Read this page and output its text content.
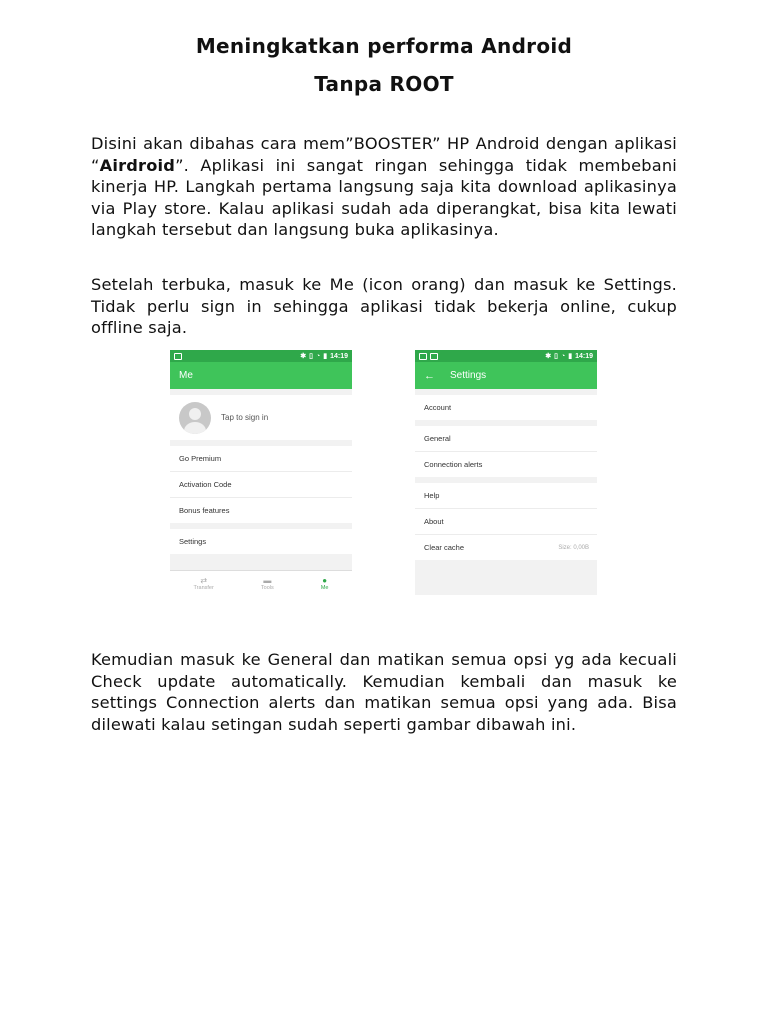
Meningkatkan performa Android
Tanpa ROOT

Disini akan dibahas cara mem”BOOSTER” HP Android dengan aplikasi “Airdroid”. Aplikasi ini sangat ringan sehingga tidak membebani kinerja HP. Langkah pertama langsung saja kita download aplikasinya via Play store. Kalau aplikasi sudah ada diperangkat, bisa kita lewati langkah tersebut dan langsung buka aplikasinya.

Setelah terbuka, masuk ke Me (icon orang) dan masuk ke Settings. Tidak perlu sign in sehingga aplikasi tidak bekerja online, cukup offline saja.

✱ ▯ ◔ ▮ 14:19
Me
Tap to sign in
Go Premium
Activation Code
Bonus features
Settings
⇄
Transfer
▬
Tools
●
Me
✱ ▯ ◔ ▮ 14:19
← Settings
Account
General
Connection alerts
Help
About
Clear cache	Size: 0,00B

Kemudian masuk ke General dan matikan semua opsi yg ada kecuali Check update automatically. Kemudian kembali dan masuk ke settings Connection alerts dan matikan semua opsi yang ada. Bisa dilewati kalau setingan sudah seperti gambar dibawah ini.
